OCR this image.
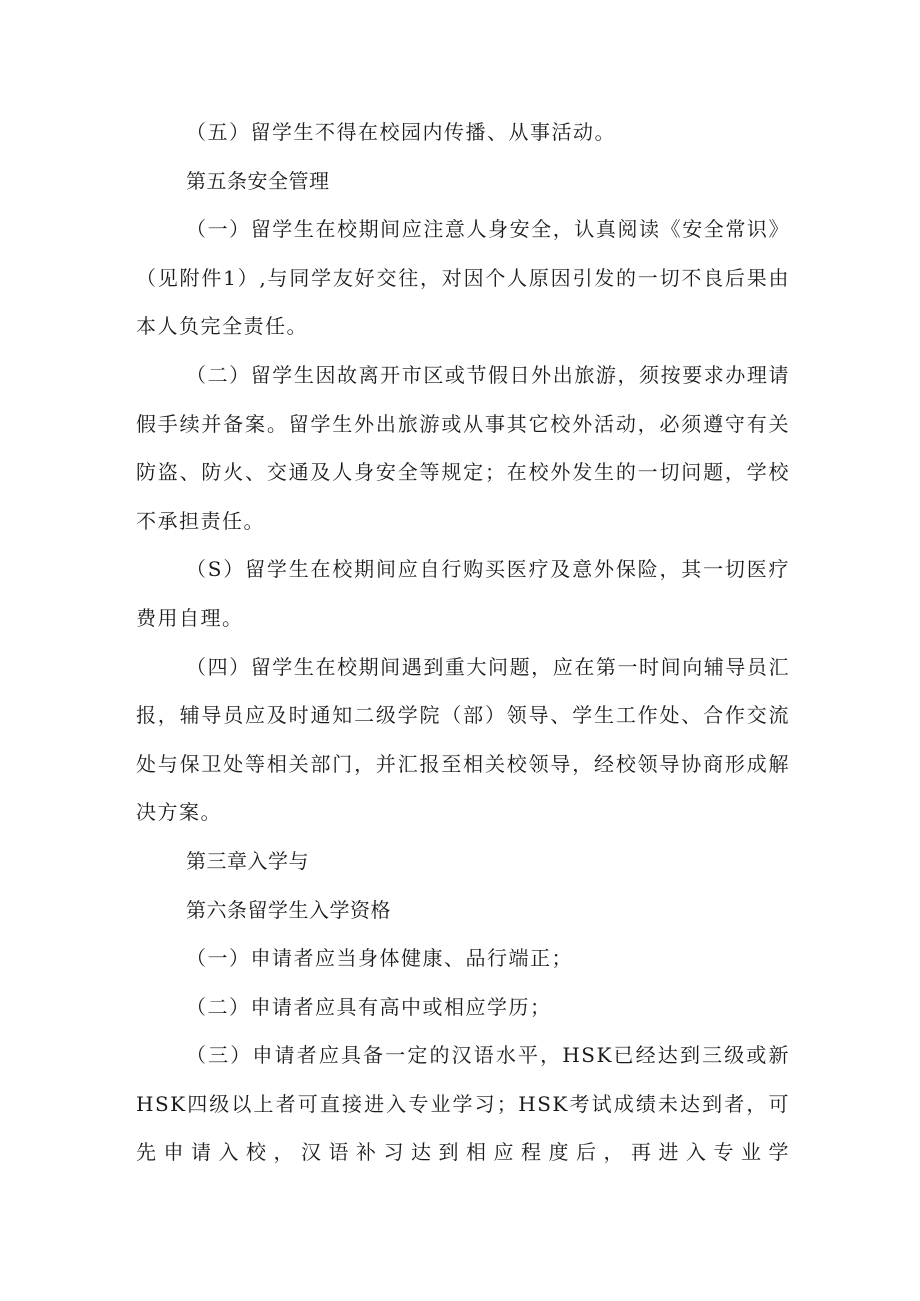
（五）留学生不得在校园内传播、从事活动。

第五条安全管理

（一）留学生在校期间应注意人身安全，认真阅读《安全常识》（见附件1）,与同学友好交往，对因个人原因引发的一切不良后果由本人负完全责任。

（二）留学生因故离开市区或节假日外出旅游，须按要求办理请假手续并备案。留学生外出旅游或从事其它校外活动，必须遵守有关防盗、防火、交通及人身安全等规定；在校外发生的一切问题，学校不承担责任。

（S）留学生在校期间应自行购买医疗及意外保险，其一切医疗费用自理。

（四）留学生在校期间遇到重大问题，应在第一时间向辅导员汇报，辅导员应及时通知二级学院（部）领导、学生工作处、合作交流处与保卫处等相关部门，并汇报至相关校领导，经校领导协商形成解决方案。

第三章入学与

第六条留学生入学资格

（一）申请者应当身体健康、品行端正；

（二）申请者应具有高中或相应学历；

（三）申请者应具备一定的汉语水平，HSK已经达到三级或新HSK四级以上者可直接进入专业学习；HSK考试成绩未达到者，可先申请入校，汉语补习达到相应程度后，再进入专业学
